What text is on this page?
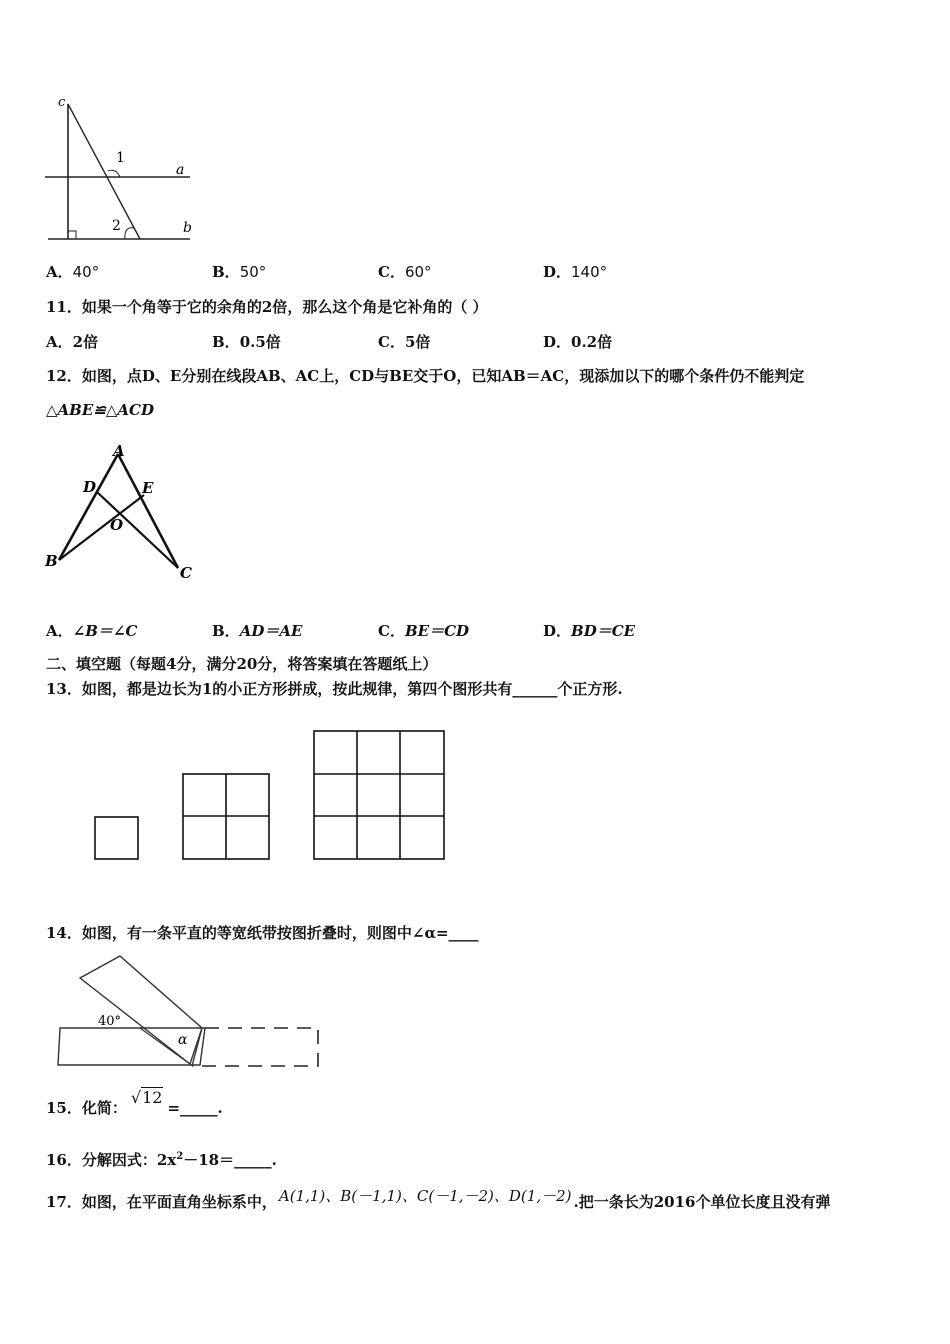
c
1
a
2	b
A．40°	B．50°	C．60°	D．140°
11．如果一个角等于它的余角的2倍，那么这个角是它补角的（ ）
A．2倍	B．0.5倍	C．5倍	D．0.2倍
12．如图，点D、E分别在线段AB、AC上，CD与BE交于O，已知AB＝AC，现添加以下的哪个条件仍不能判定
△ABE≌△ACD
A
D	E
O
B
C
A．∠B＝∠C	B．AD＝AE	C．BE＝CD	D．BD＝CE
二、填空题（每题4分，满分20分，将答案填在答题纸上）
13．如图，都是边长为1的小正方形拼成，按此规律，第四个图形共有______个正方形.
14．如图，有一条平直的等宽纸带按图折叠时，则图中∠α=____
40°
α
15．化简：√12=_____.
16．分解因式：$2x^2-18=\_\_\_\_\_$.
17．如图，在平面直角坐标系中， A(1,1)、B(－1,1)、C(－1,－2)、D(1,－2) .把一条长为2016个单位长度且没有弹
